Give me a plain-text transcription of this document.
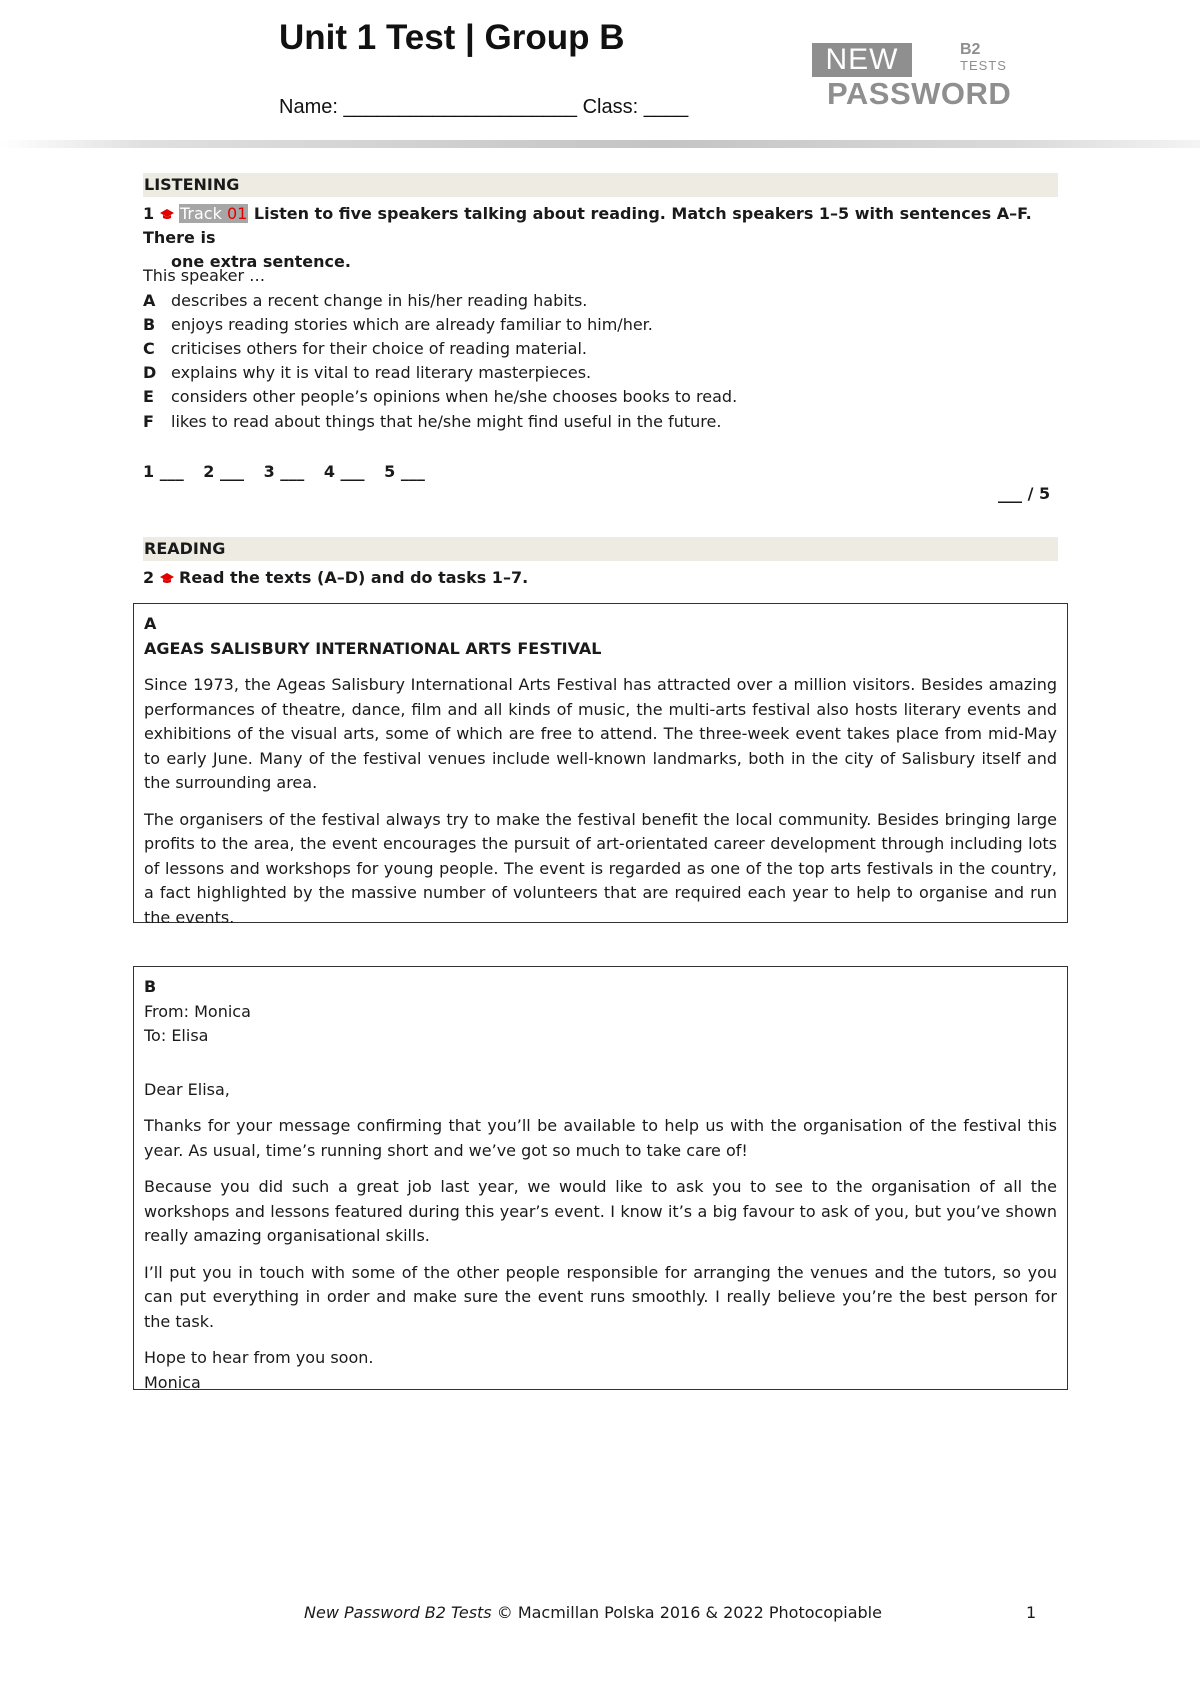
Unit 1 Test | Group B
Name: _____________________ Class: ____
NEW	B2
TESTS
PASSWORD
LISTENING
1 Track 01 Listen to five speakers talking about reading. Match speakers 1–5 with sentences A–F. There is
one extra sentence.
This speaker …
A describes a recent change in his/her reading habits.
B enjoys reading stories which are already familiar to him/her.
C criticises others for their choice of reading material.
D explains why it is vital to read literary masterpieces.
E considers other people’s opinions when he/she chooses books to read.
F likes to read about things that he/she might find useful in the future.
1 ___ 2 ___ 3 ___ 4 ___ 5 ___
___ / 5
READING
2 Read the texts (A–D) and do tasks 1–7.
A
AGEAS SALISBURY INTERNATIONAL ARTS FESTIVAL

Since 1973, the Ageas Salisbury International Arts Festival has attracted over a million visitors. Besides amazing performances of theatre, dance, film and all kinds of music, the multi-arts festival also hosts literary events and exhibitions of the visual arts, some of which are free to attend. The three-week event takes place from mid-May to early June. Many of the festival venues include well-known landmarks, both in the city of Salisbury itself and the surrounding area.

The organisers of the festival always try to make the festival benefit the local community. Besides bringing large profits to the area, the event encourages the pursuit of art-orientated career development through including lots of lessons and workshops for young people. The event is regarded as one of the top arts festivals in the country, a fact highlighted by the massive number of volunteers that are required each year to help to organise and run the events.

B
From: Monica
To: Elisa

Dear Elisa,

Thanks for your message confirming that you’ll be available to help us with the organisation of the festival this year. As usual, time’s running short and we’ve got so much to take care of!

Because you did such a great job last year, we would like to ask you to see to the organisation of all the workshops and lessons featured during this year’s event. I know it’s a big favour to ask of you, but you’ve shown really amazing organisational skills.

I’ll put you in touch with some of the other people responsible for arranging the venues and the tutors, so you can put everything in order and make sure the event runs smoothly. I really believe you’re the best person for the task.

Hope to hear from you soon.
Monica
New Password B2 Tests © Macmillan Polska 2016 & 2022 Photocopiable	1
